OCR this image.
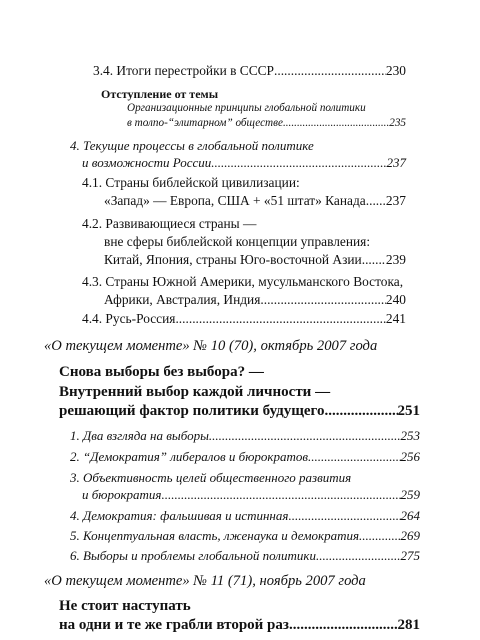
3.4. Итоги перестройки в СССР .....	230
Отступление от темы
Организационные принципы глобальной политики
в толпо-“элитарном” обществе .....	235
4. Текущие процессы в глобальной политике
и возможности России .....	237
4.1. Страны библейской цивилизации:
«Запад» — Европа, США + «51 штат» Канада ..... 237
4.2. Развивающиеся страны —
вне сферы библейской концепции управления:
Китай, Япония, страны Юго-восточной Азии ..... 239
4.3. Страны Южной Америки, мусульманского Востока,
Африки, Австралия, Индия .....	240
4.4. Русь-Россия .....	241
«О текущем моменте» № 10 (70), октябрь 2007 года
Снова выборы без выбора? —
Внутренний выбор каждой личности —
решающий фактор политики будущего .....	251
1. Два взгляда на выборы .....	253
2. “Демократия” либералов и бюрократов .....	256
3. Объективность целей общественного развития
и бюрократия .....	259
4. Демократия: фальшивая и истинная .....	264
5. Концептуальная власть, лженаука и демократия .....	269
6. Выборы и проблемы глобальной политики .....	275
«О текущем моменте» № 11 (71), ноябрь 2007 года
Не стоит наступать
на одни и те же грабли второй раз .....	281
